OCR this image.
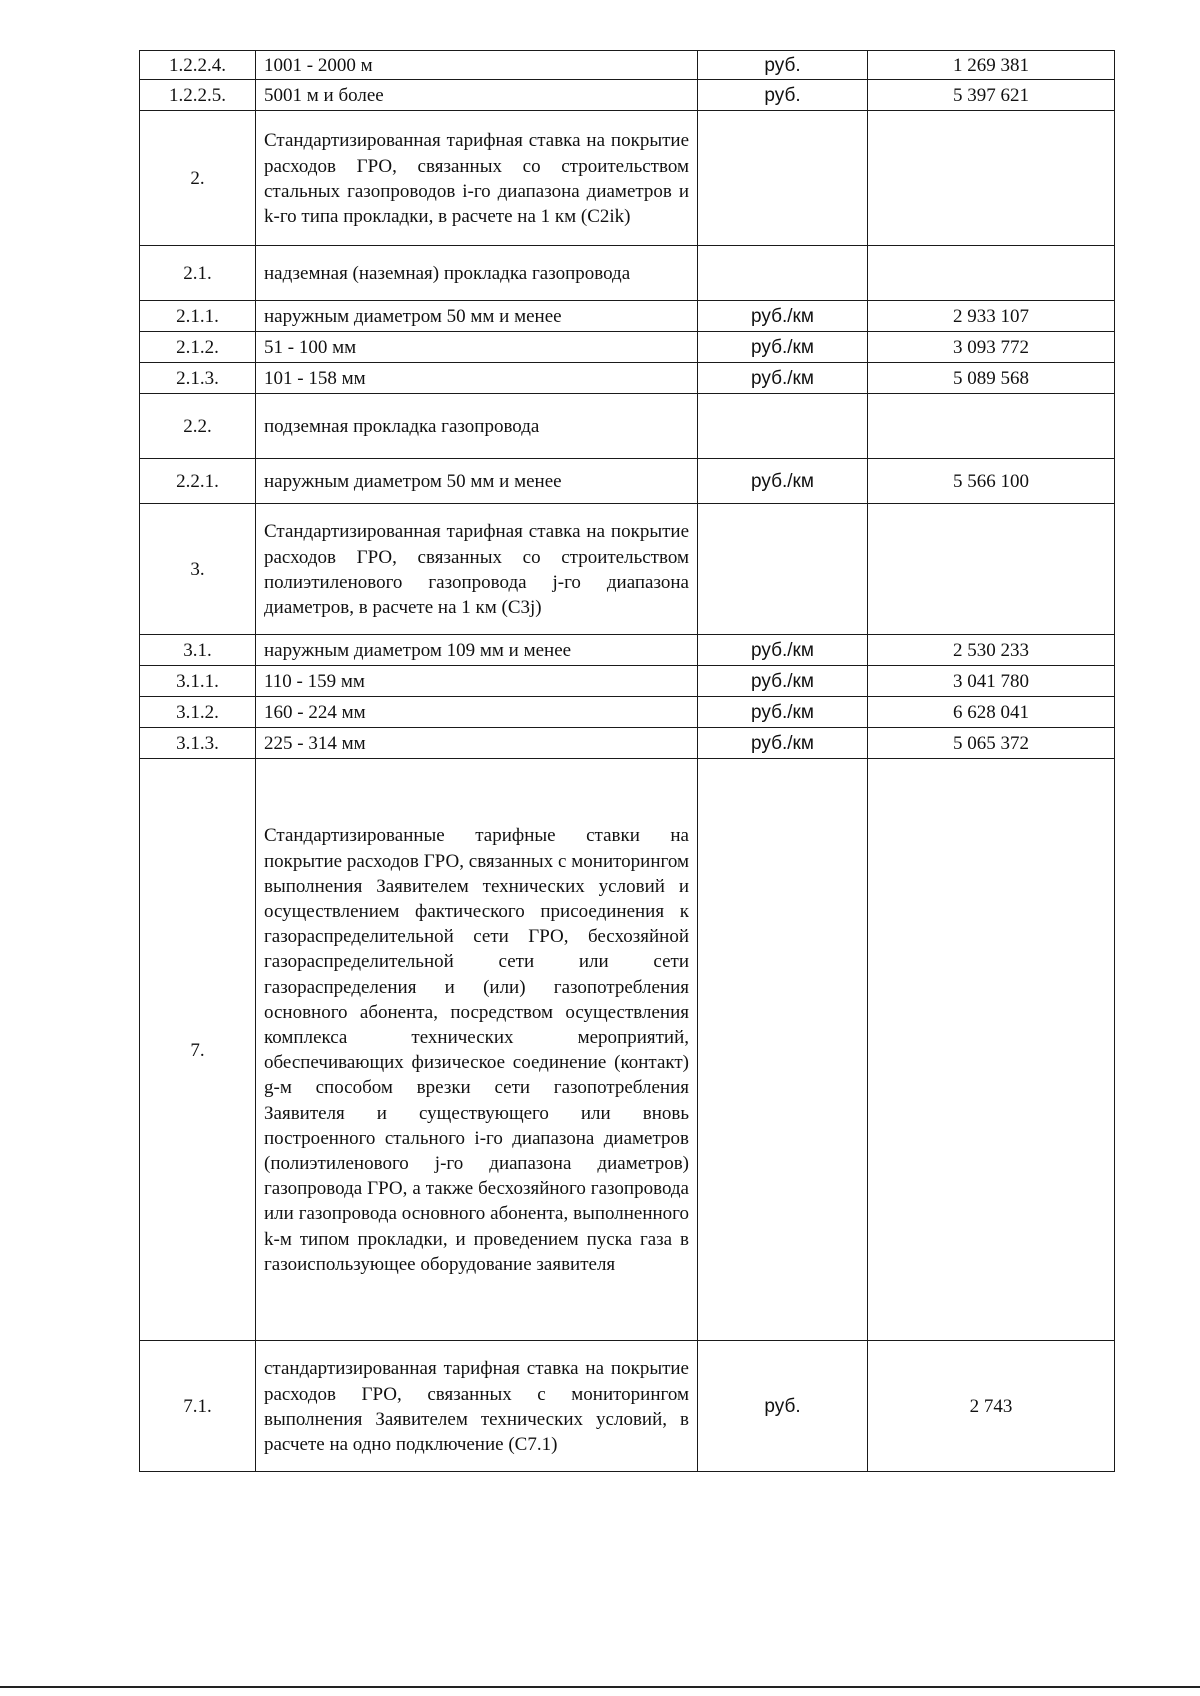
1.2.2.4.	1001 - 2000 м	руб.	1 269 381
1.2.2.5.	5001 м и более	руб.	5 397 621
2.	Стандартизированная тарифная ставка на покрытие расходов ГРО, связанных со строительством стальных газопроводов i-го диапазона диаметров и k-го типа прокладки, в расчете на 1 км (C2ik)		
2.1.	надземная (наземная) прокладка газопровода		
2.1.1.	наружным диаметром 50 мм и менее	руб./км	2 933 107
2.1.2.	51 - 100 мм	руб./км	3 093 772
2.1.3.	101 - 158 мм	руб./км	5 089 568
2.2.	подземная прокладка газопровода		
2.2.1.	наружным диаметром 50 мм и менее	руб./км	5 566 100
3.	Стандартизированная тарифная ставка на покрытие расходов ГРО, связанных со строительством полиэтиленового газопровода j-го диапазона диаметров, в расчете на 1 км (C3j)		
3.1.	наружным диаметром 109 мм и менее	руб./км	2 530 233
3.1.1.	110 - 159 мм	руб./км	3 041 780
3.1.2.	160 - 224 мм	руб./км	6 628 041
3.1.3.	225 - 314 мм	руб./км	5 065 372
7.	Стандартизированные тарифные ставки на покрытие расходов ГРО, связанных с мониторингом выполнения Заявителем технических условий и осуществлением фактического присоединения к газораспределительной сети ГРО, бесхозяйной газораспределительной сети или сети газораспределения и (или) газопотребления основного абонента, посредством осуществления комплекса технических мероприятий, обеспечивающих физическое соединение (контакт) g-м способом врезки сети газопотребления Заявителя и существующего или вновь построенного стального i-го диапазона диаметров (полиэтиленового j-го диапазона диаметров) газопровода ГРО, а также бесхозяйного газопровода или газопровода основного абонента, выполненного k-м типом прокладки, и проведением пуска газа в газоиспользующее оборудование заявителя		
7.1.	стандартизированная тарифная ставка на покрытие расходов ГРО, связанных с мониторингом выполнения Заявителем технических условий, в расчете на одно подключение (C7.1)	руб.	2 743
